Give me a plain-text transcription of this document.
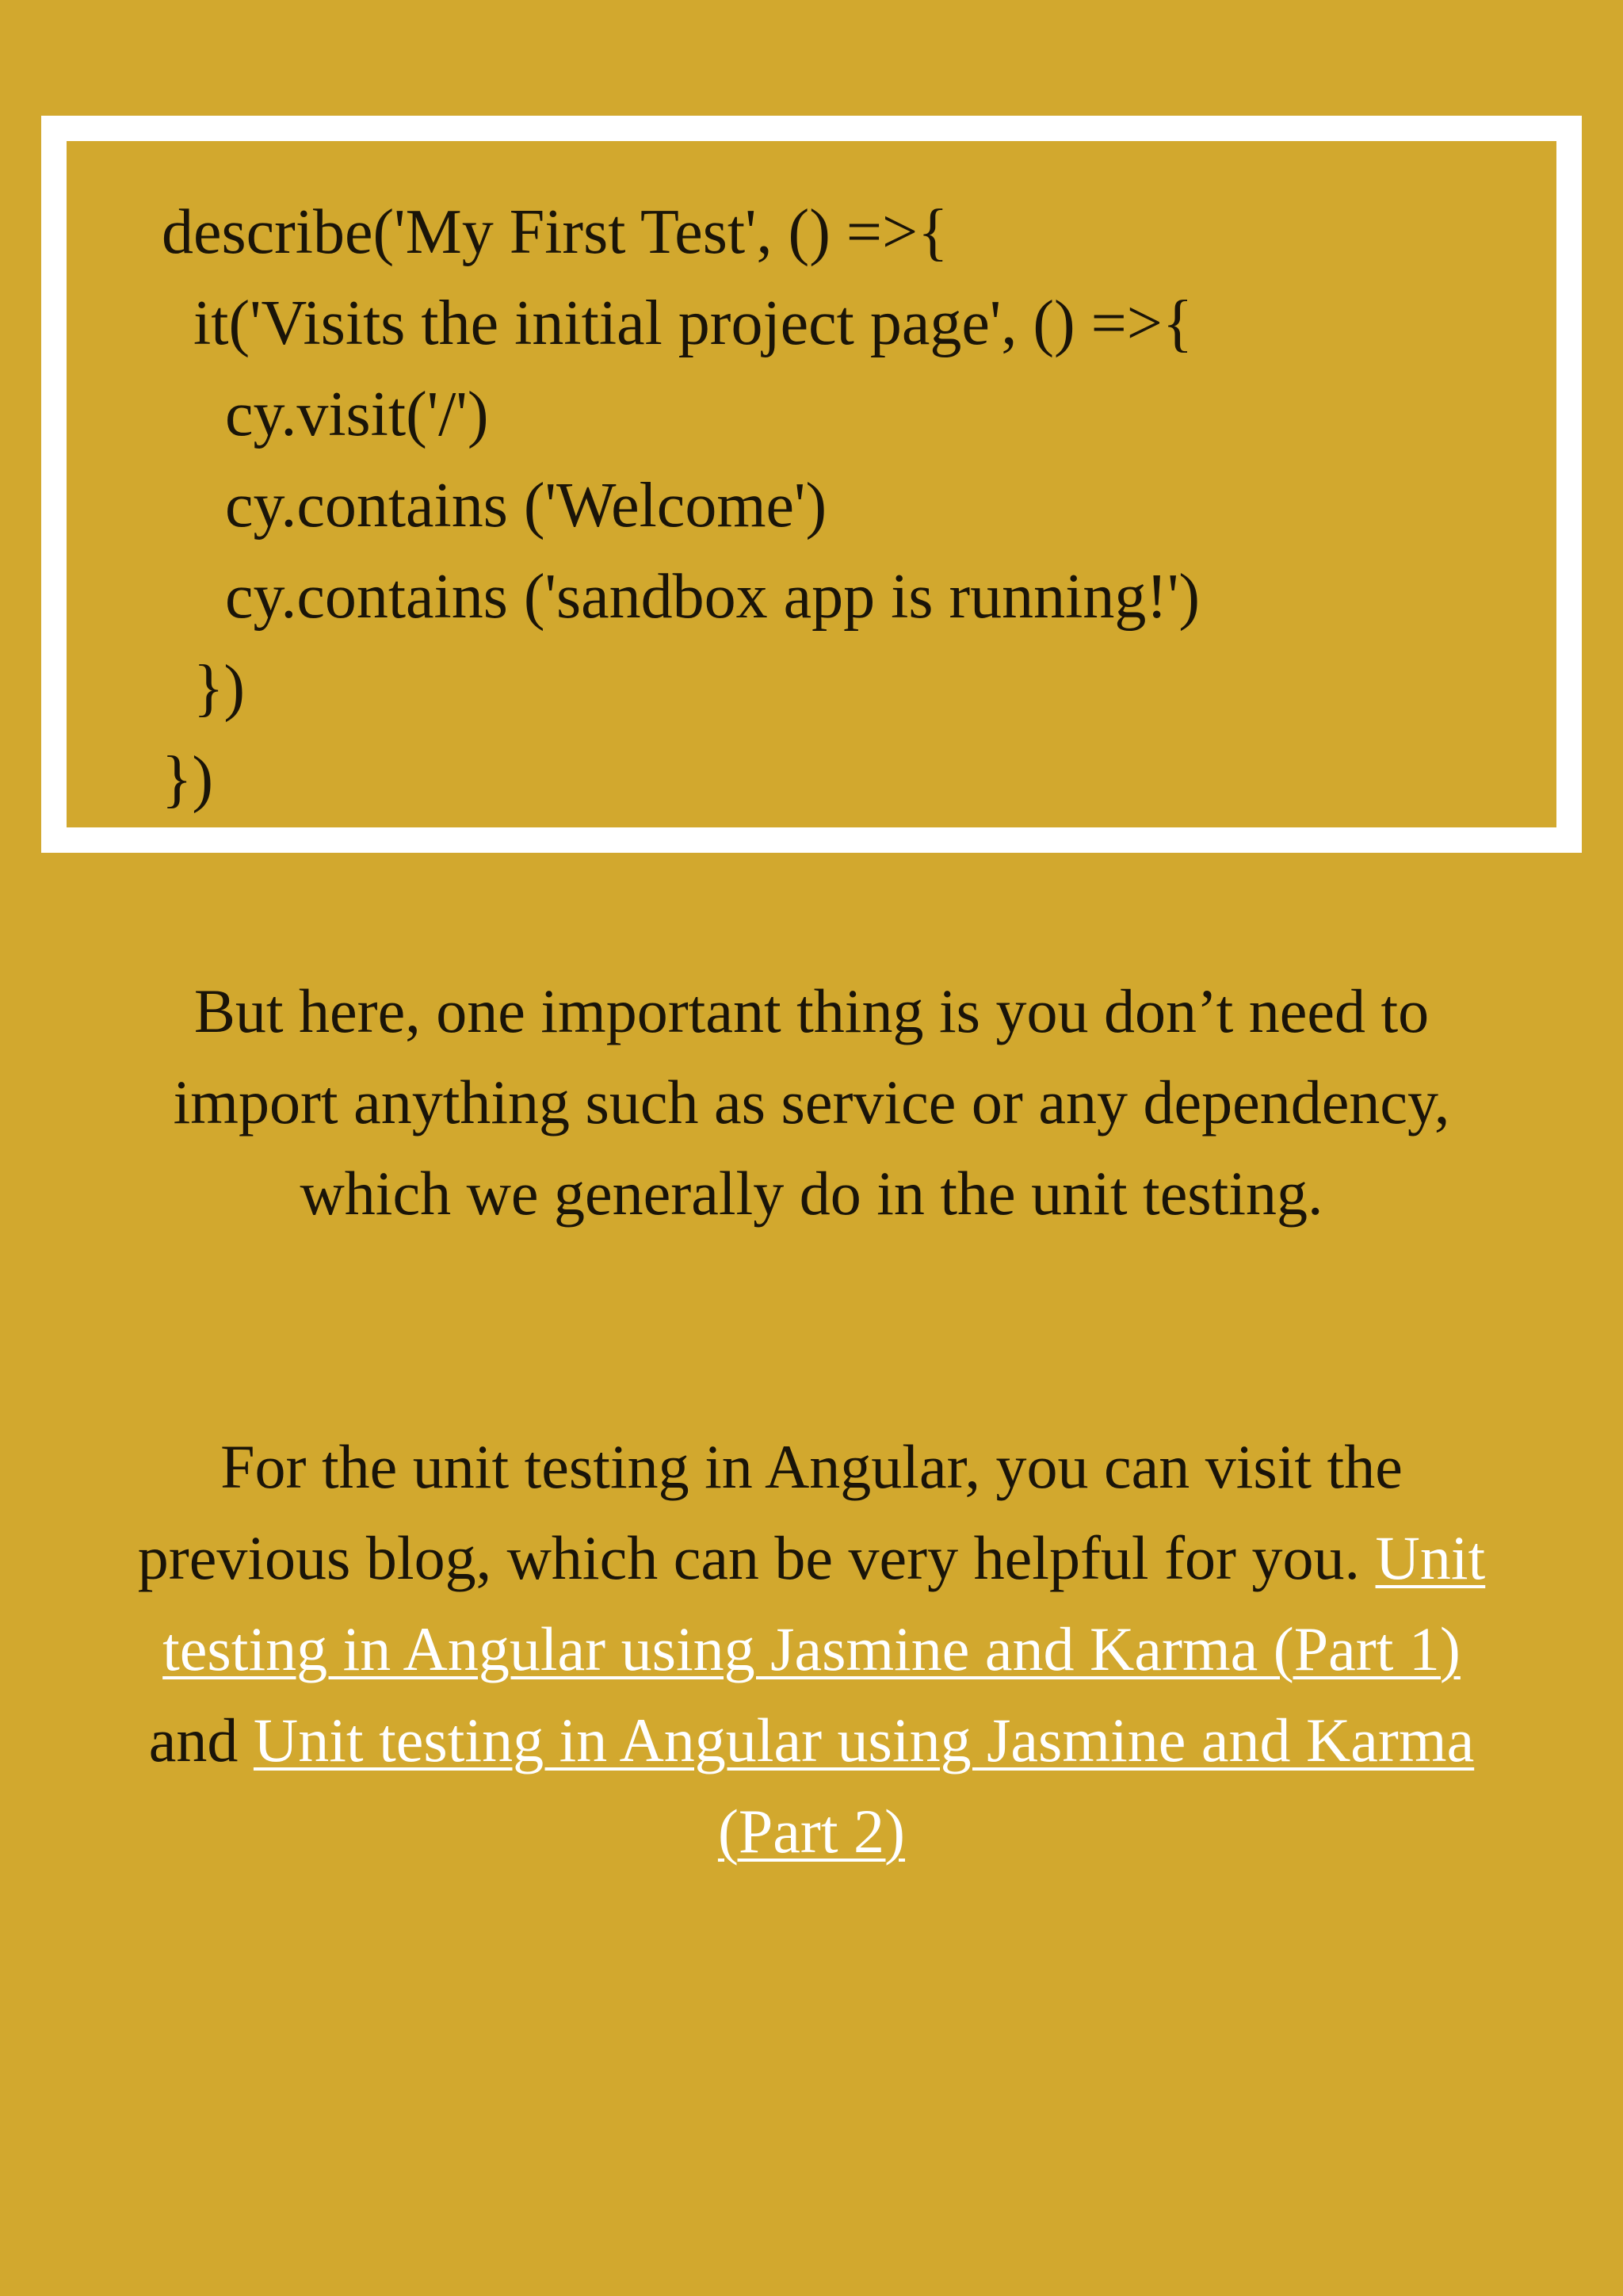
describe('My First Test', () =>{
it('Visits the initial project page', () =>{
cy.visit('/')
cy.contains ('Welcome')
cy.contains ('sandbox app is running!')
})
})

But here, one important thing is you don’t need to import anything such as service or any dependency, which we generally do in the unit testing.

For the unit testing in Angular, you can visit the previous blog, which can be very helpful for you. Unit testing in Angular using Jasmine and Karma (Part 1) and Unit testing in Angular using Jasmine and Karma (Part 2)
